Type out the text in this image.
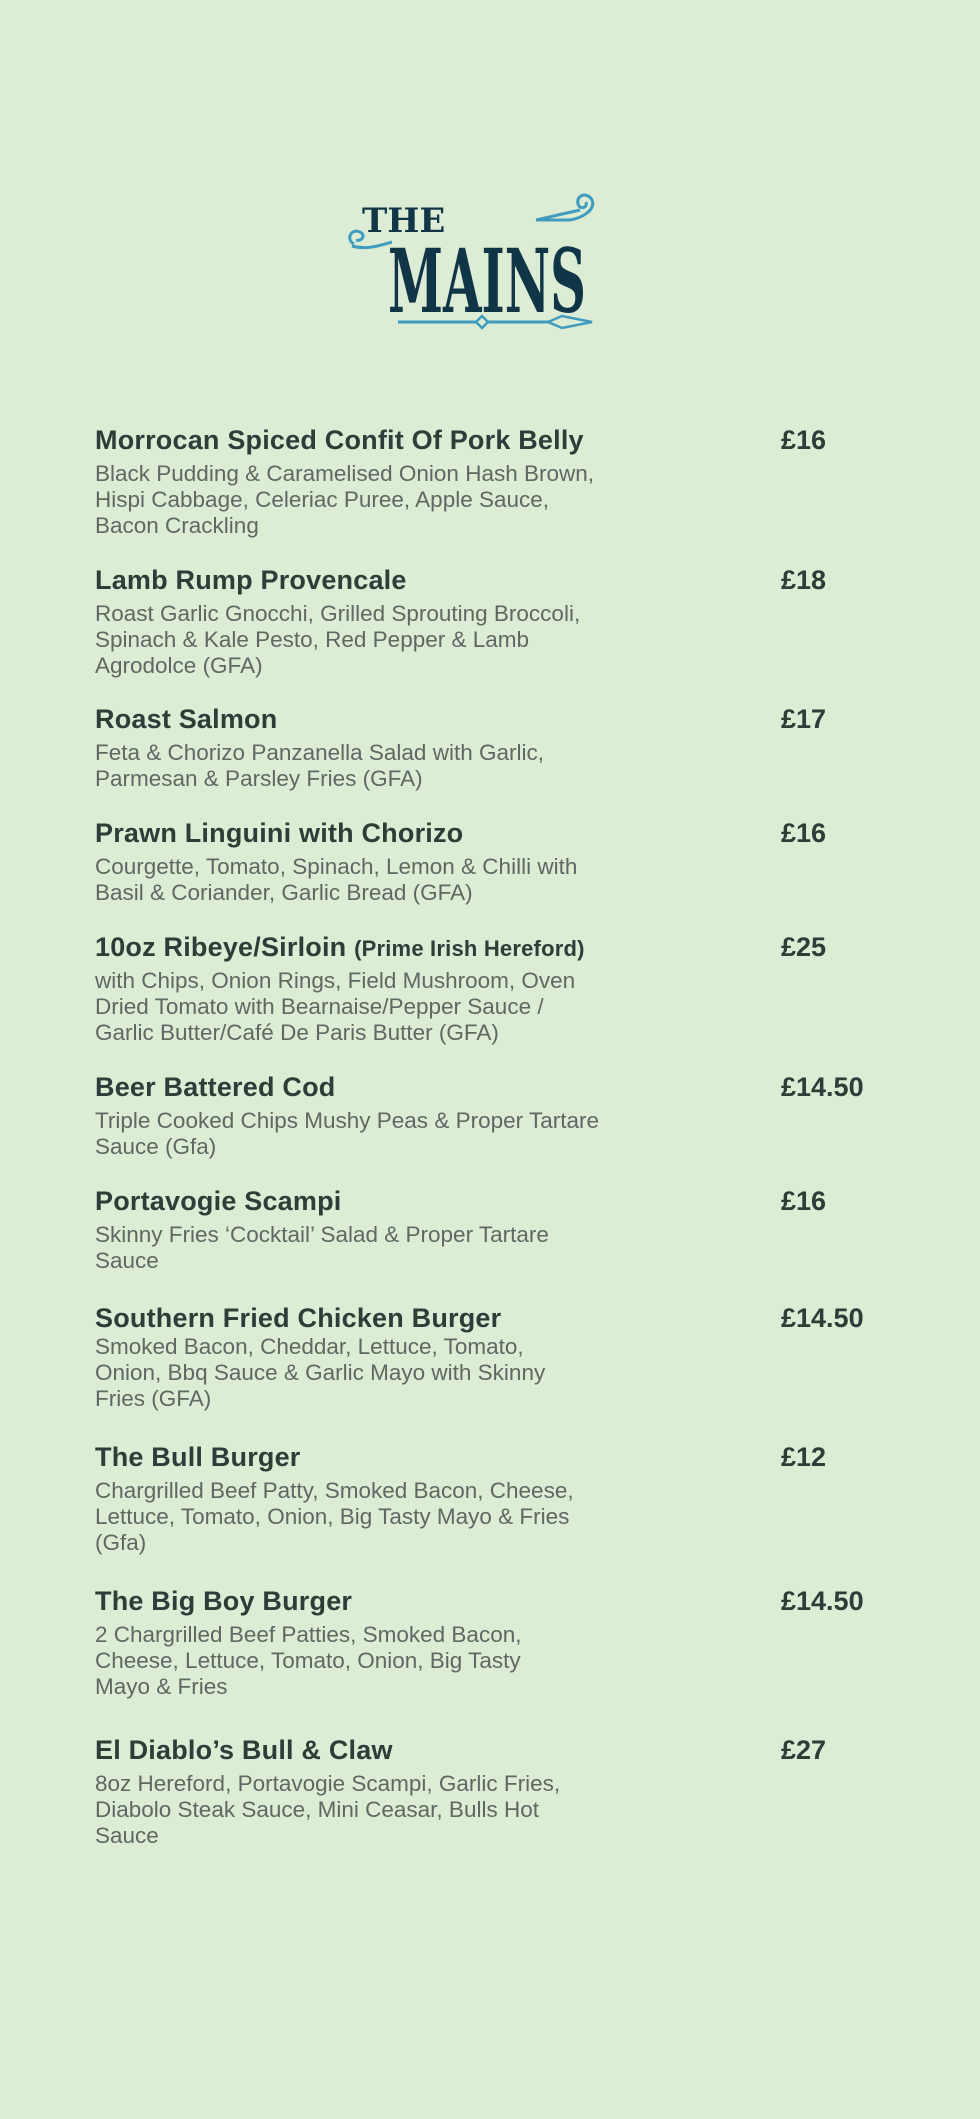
THE
MAINS
Morrocan Spiced Confit Of Pork Belly	£16
Black Pudding & Caramelised Onion Hash Brown,
Hispi Cabbage, Celeriac Puree, Apple Sauce,
Bacon Crackling
Lamb Rump Provencale	£18
Roast Garlic Gnocchi, Grilled Sprouting Broccoli,
Spinach & Kale Pesto, Red Pepper & Lamb
Agrodolce (GFA)
Roast Salmon	£17
Feta & Chorizo Panzanella Salad with Garlic,
Parmesan & Parsley Fries (GFA)
Prawn Linguini with Chorizo	£16
Courgette, Tomato, Spinach, Lemon & Chilli with
Basil & Coriander, Garlic Bread (GFA)
10oz Ribeye/Sirloin (Prime Irish Hereford)	£25
with Chips, Onion Rings, Field Mushroom, Oven
Dried Tomato with Bearnaise/Pepper Sauce /
Garlic Butter/Café De Paris Butter (GFA)
Beer Battered Cod	£14.50
Triple Cooked Chips Mushy Peas & Proper Tartare
Sauce (Gfa)
Portavogie Scampi	£16
Skinny Fries ‘Cocktail’ Salad & Proper Tartare
Sauce
Southern Fried Chicken Burger	£14.50
Smoked Bacon, Cheddar, Lettuce, Tomato,
Onion, Bbq Sauce & Garlic Mayo with Skinny
Fries (GFA)
The Bull Burger	£12
Chargrilled Beef Patty, Smoked Bacon, Cheese,
Lettuce, Tomato, Onion, Big Tasty Mayo & Fries
(Gfa)
The Big Boy Burger	£14.50
2 Chargrilled Beef Patties, Smoked Bacon,
Cheese, Lettuce, Tomato, Onion, Big Tasty
Mayo & Fries
El Diablo’s Bull & Claw	£27
8oz Hereford, Portavogie Scampi, Garlic Fries,
Diabolo Steak Sauce, Mini Ceasar, Bulls Hot
Sauce
